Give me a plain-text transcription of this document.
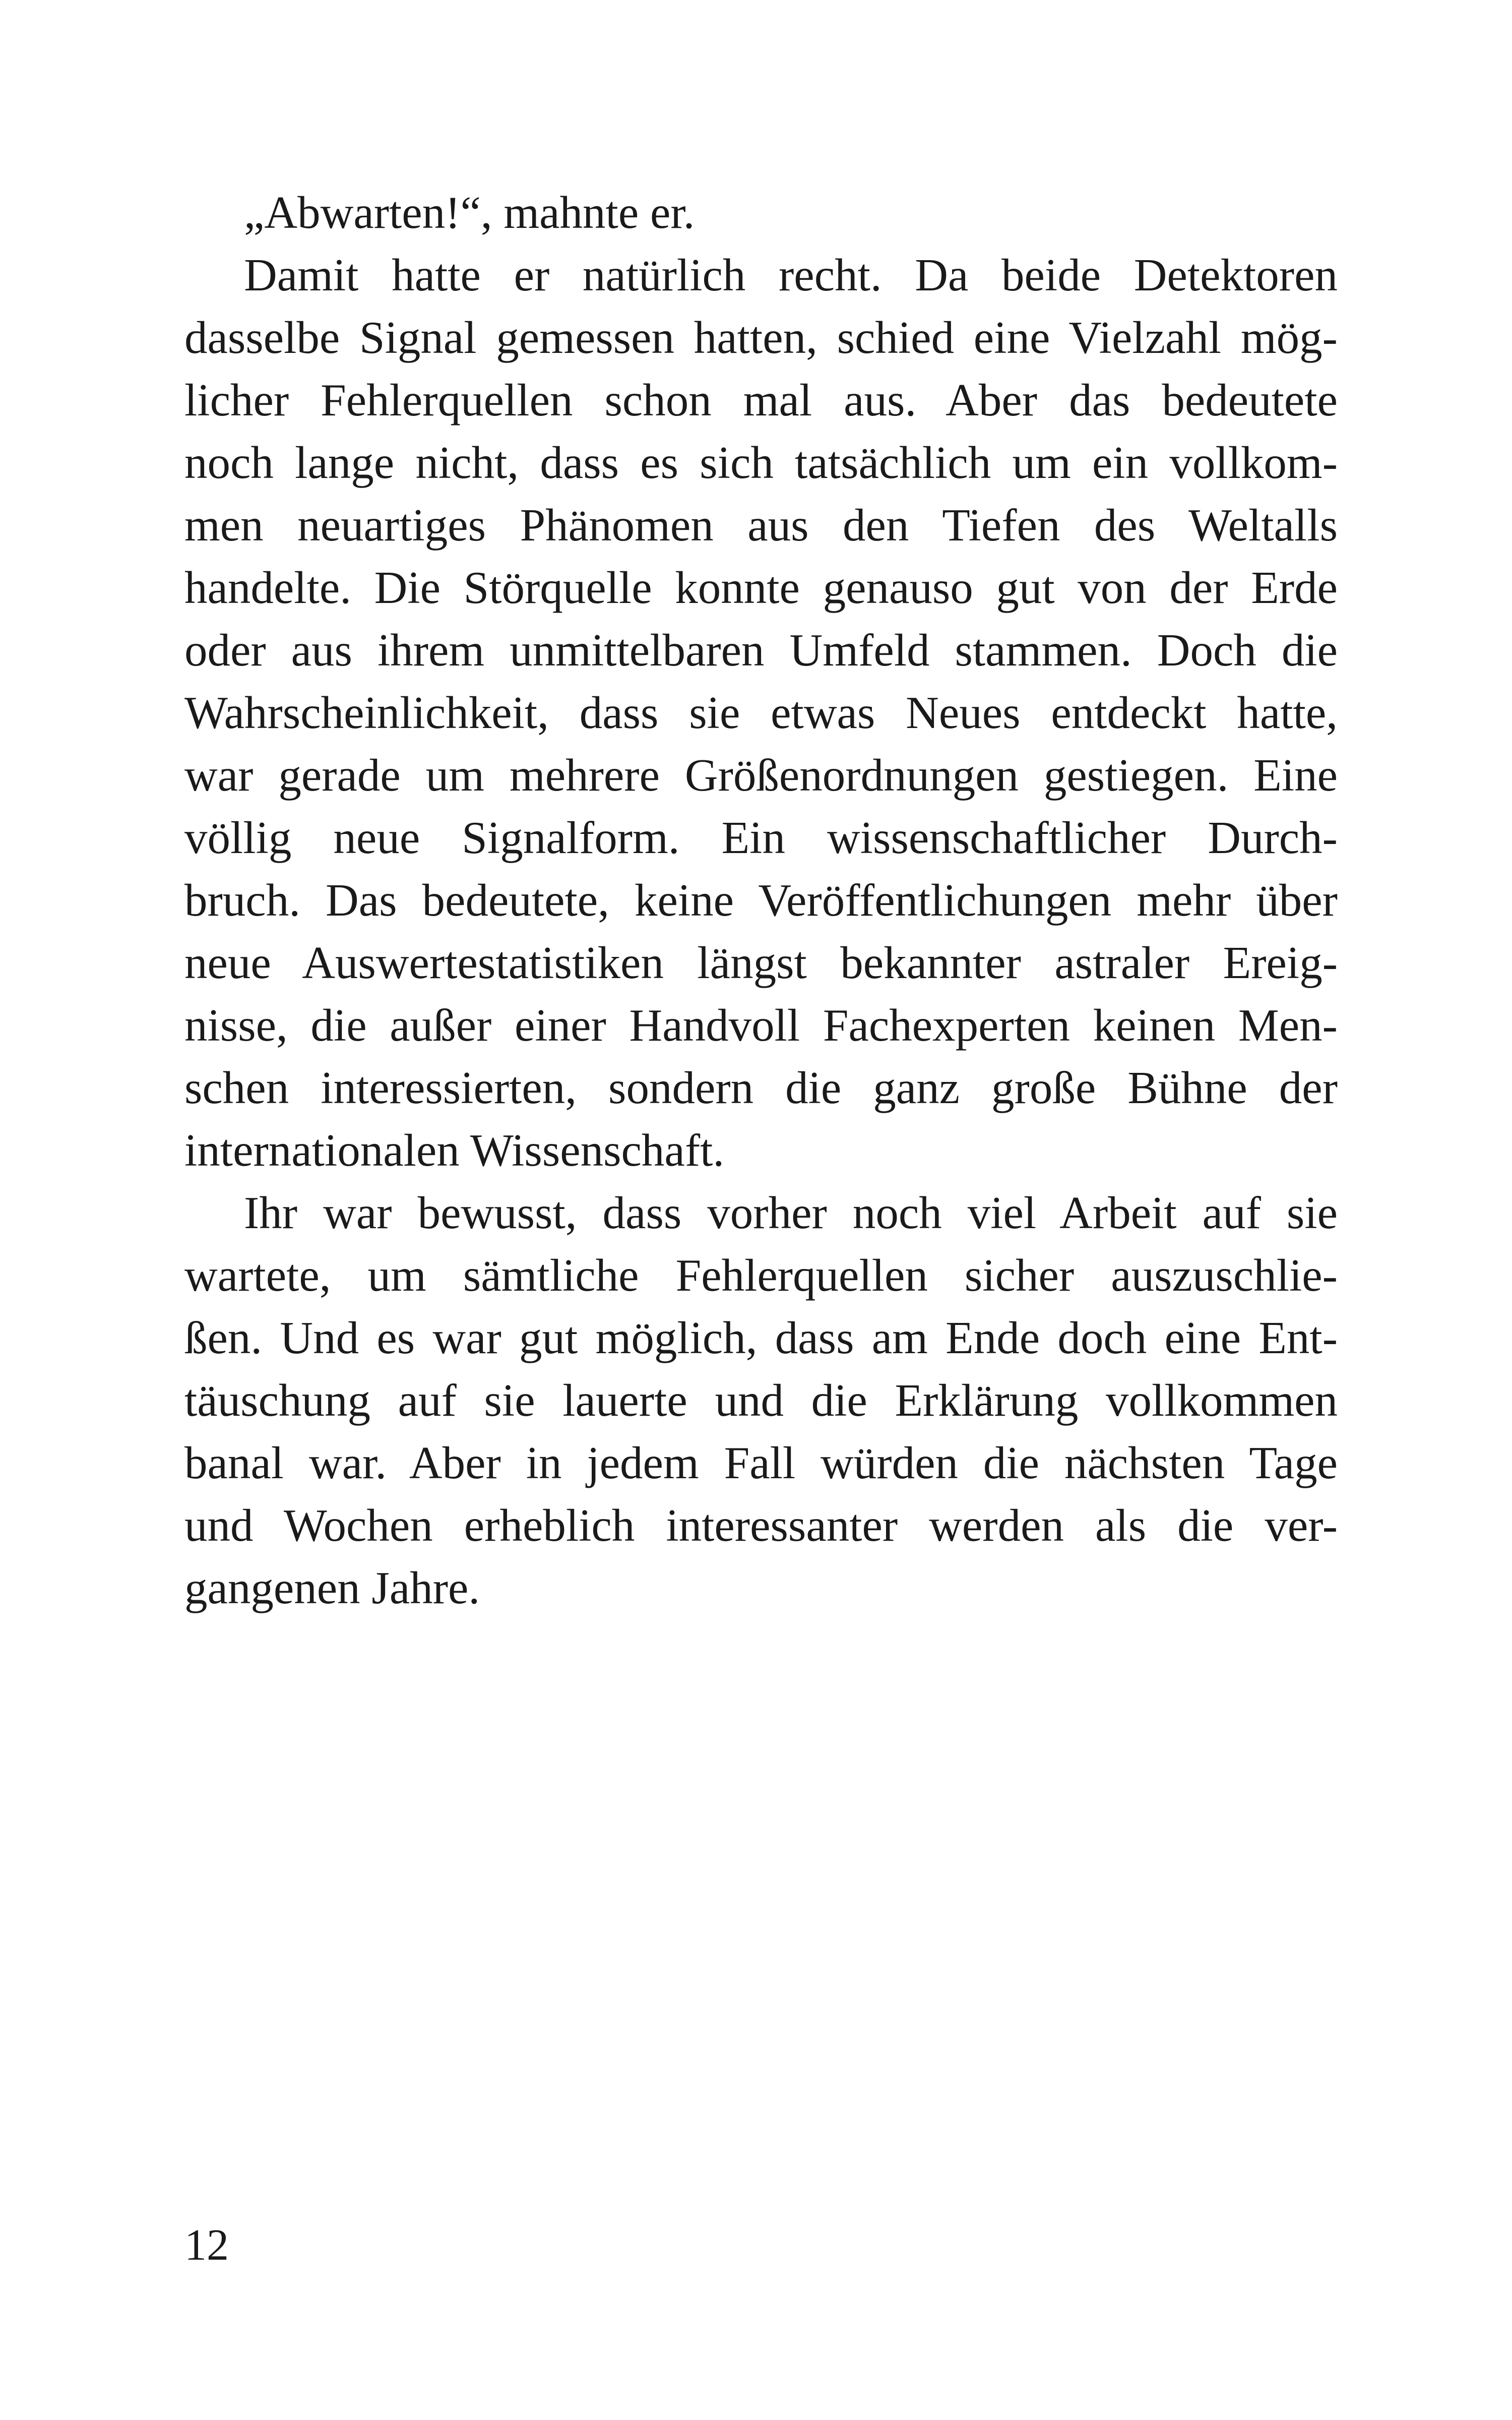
„Abwarten!“, mahnte er.
Damit hatte er natürlich recht. Da beide Detektoren
dasselbe Signal gemessen hatten, schied eine Vielzahl mög-
licher Fehlerquellen schon mal aus. Aber das bedeutete
noch lange nicht, dass es sich tatsächlich um ein vollkom-
men neuartiges Phänomen aus den Tiefen des Weltalls
handelte. Die Störquelle konnte genauso gut von der Erde
oder aus ihrem unmittelbaren Umfeld stammen. Doch die
Wahrscheinlichkeit, dass sie etwas Neues entdeckt hatte,
war gerade um mehrere Größenordnungen gestiegen. Eine
völlig neue Signalform. Ein wissenschaftlicher Durch-
bruch. Das bedeutete, keine Veröffentlichungen mehr über
neue Auswertestatistiken längst bekannter astraler Ereig-
nisse, die außer einer Handvoll Fachexperten keinen Men-
schen interessierten, sondern die ganz große Bühne der
internationalen Wissenschaft.
Ihr war bewusst, dass vorher noch viel Arbeit auf sie
wartete, um sämtliche Fehlerquellen sicher auszuschlie-
ßen. Und es war gut möglich, dass am Ende doch eine Ent-
täuschung auf sie lauerte und die Erklärung vollkommen
banal war. Aber in jedem Fall würden die nächsten Tage
und Wochen erheblich interessanter werden als die ver-
gangenen Jahre.
12
